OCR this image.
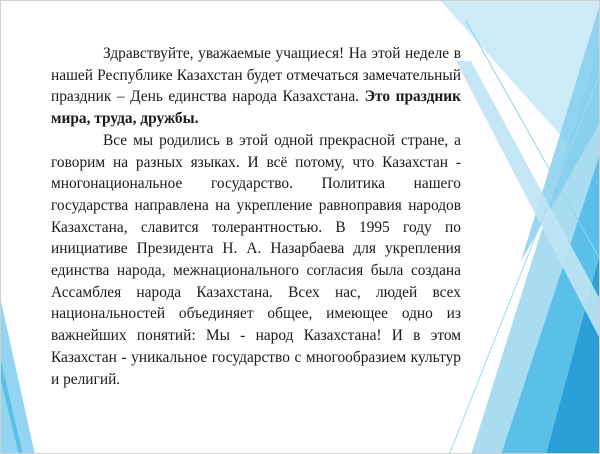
Здравствуйте, уважаемые учащиеся! На этой неделе в нашей Республике Казахстан будет отмечаться замечательный праздник – День единства народа Казахстана. Это праздник мира, труда, дружбы.

Все мы родились в этой одной прекрасной стране, а говорим на разных языках. И всё потому, что Казахстан - многонациональное государство. Политика нашего государства направлена на укрепление равноправия народов Казахстана, славится толерантностью. В 1995 году по инициативе Президента Н. А. Назарбаева для укрепления единства народа, межнационального согласия была создана Ассамблея народа Казахстана. Всех нас, людей всех национальностей объединяет общее, имеющее одно из важнейших понятий: Мы - народ Казахстана! И в этом Казахстан - уникальное государство с многообразием культур и религий.
